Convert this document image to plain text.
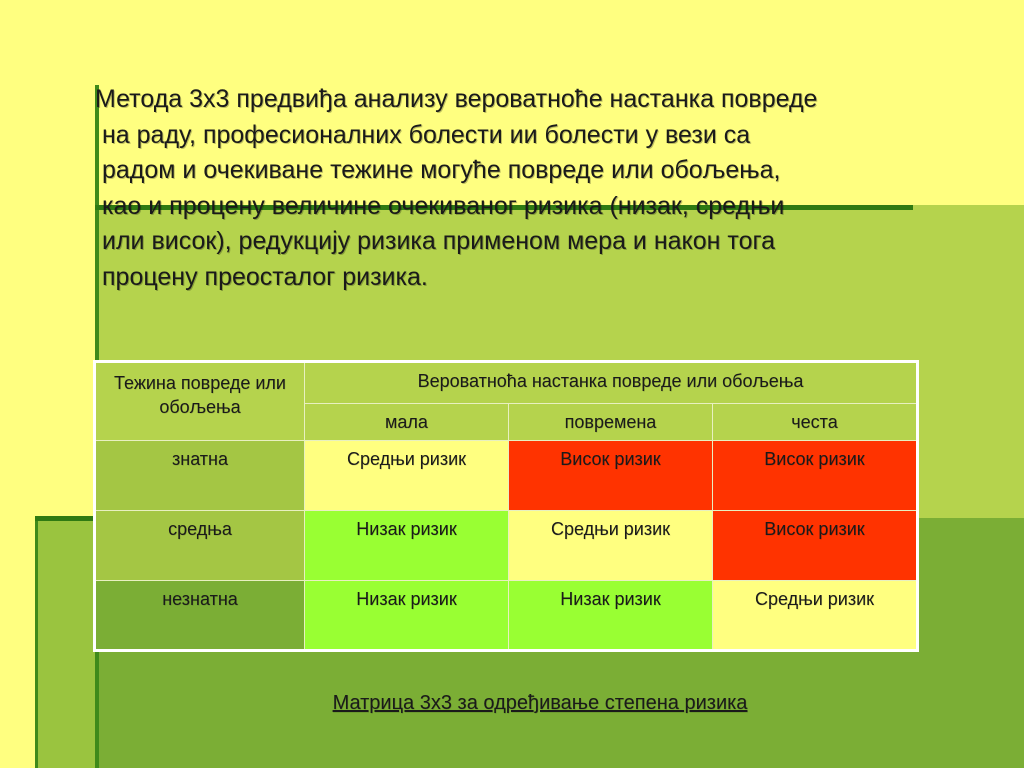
Метода 3х3 предвиђа анализу вероватноће настанка повреде
на раду, професионалних болести ии болести у вези са
радом и очекиване тежине могуће повреде или обољења,
као и процену величине очекиваног ризика (низак, средњи
или висок), редукцију ризика применом мера и након тога
процену преосталог ризика.

Тежина повреде или обољења	Вероватноћа настанка повреде или обољења		
	мала	повремена	честа
знатна	Средњи ризик	Висок ризик	Висок ризик
средња	Низак ризик	Средњи ризик	Висок ризик
незнатна	Низак ризик	Низак ризик	Средњи ризик
Матрица 3х3 за одређивање степена ризика
